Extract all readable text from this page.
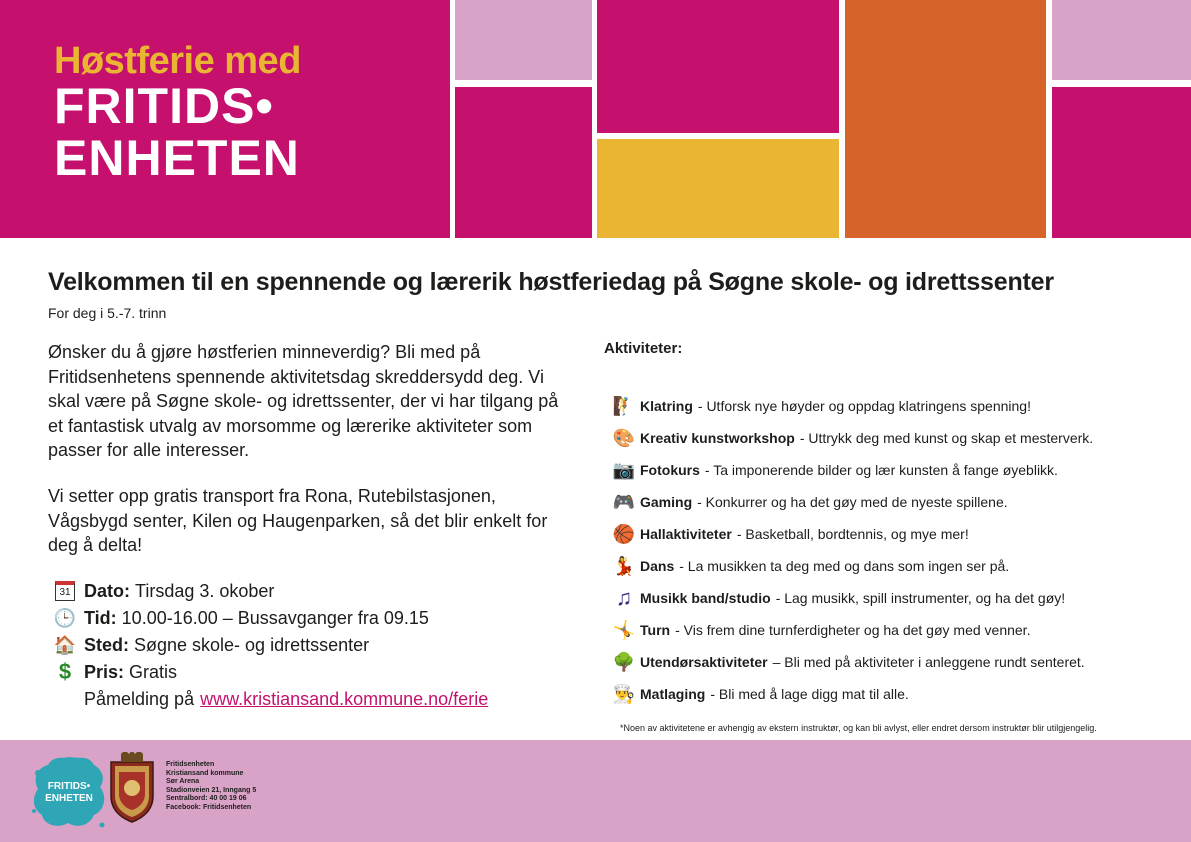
Høstferie med
FRITIDS•
ENHETEN
Velkommen til en spennende og lærerik høstferiedag på Søgne skole- og idrettssenter
For deg i 5.-7. trinn
Ønsker du å gjøre høstferien minneverdig? Bli med på Fritidsenhetens spennende aktivitetsdag skreddersydd deg. Vi skal være på Søgne skole- og idrettssenter, der vi har tilgang på et fantastisk utvalg av morsomme og lærerike aktiviteter som passer for alle interesser.
Vi setter opp gratis transport fra Rona, Rutebilstasjonen, Vågsbygd senter, Kilen og Haugenparken, så det blir enkelt for deg å delta!
31 Dato: Tirsdag 3. okober
🕒 Tid: 10.00-16.00 – Bussavganger fra 09.15
🏠 Sted: Søgne skole- og idrettssenter
$ Pris: Gratis
Påmelding på www.kristiansand.kommune.no/ferie
Aktiviteter:
🧗 Klatring - Utforsk nye høyder og oppdag klatringens spenning!
🎨 Kreativ kunstworkshop - Uttrykk deg med kunst og skap et mesterverk.
📷 Fotokurs - Ta imponerende bilder og lær kunsten å fange øyeblikk.
🎮 Gaming - Konkurrer og ha det gøy med de nyeste spillene.
🏀 Hallaktiviteter - Basketball, bordtennis, og mye mer!
💃 Dans - La musikken ta deg med og dans som ingen ser på.
♫ Musikk band/studio - Lag musikk, spill instrumenter, og ha det gøy!
🤸 Turn - Vis frem dine turnferdigheter og ha det gøy med venner.
🌳 Utendørsaktiviteter – Bli med på aktiviteter i anleggene rundt senteret.
👨‍🍳 Matlaging - Bli med å lage digg mat til alle.
*Noen av aktivitetene er avhengig av ekstern instruktør, og kan bli avlyst, eller endret dersom instruktør blir utilgjengelig.
FRITIDS•
ENHETEN
Fritidsenheten
Kristiansand kommune
Sør Arena
Stadionveien 21, Inngang 5
Sentralbord: 40 00 19 06
Facebook: Fritidsenheten
